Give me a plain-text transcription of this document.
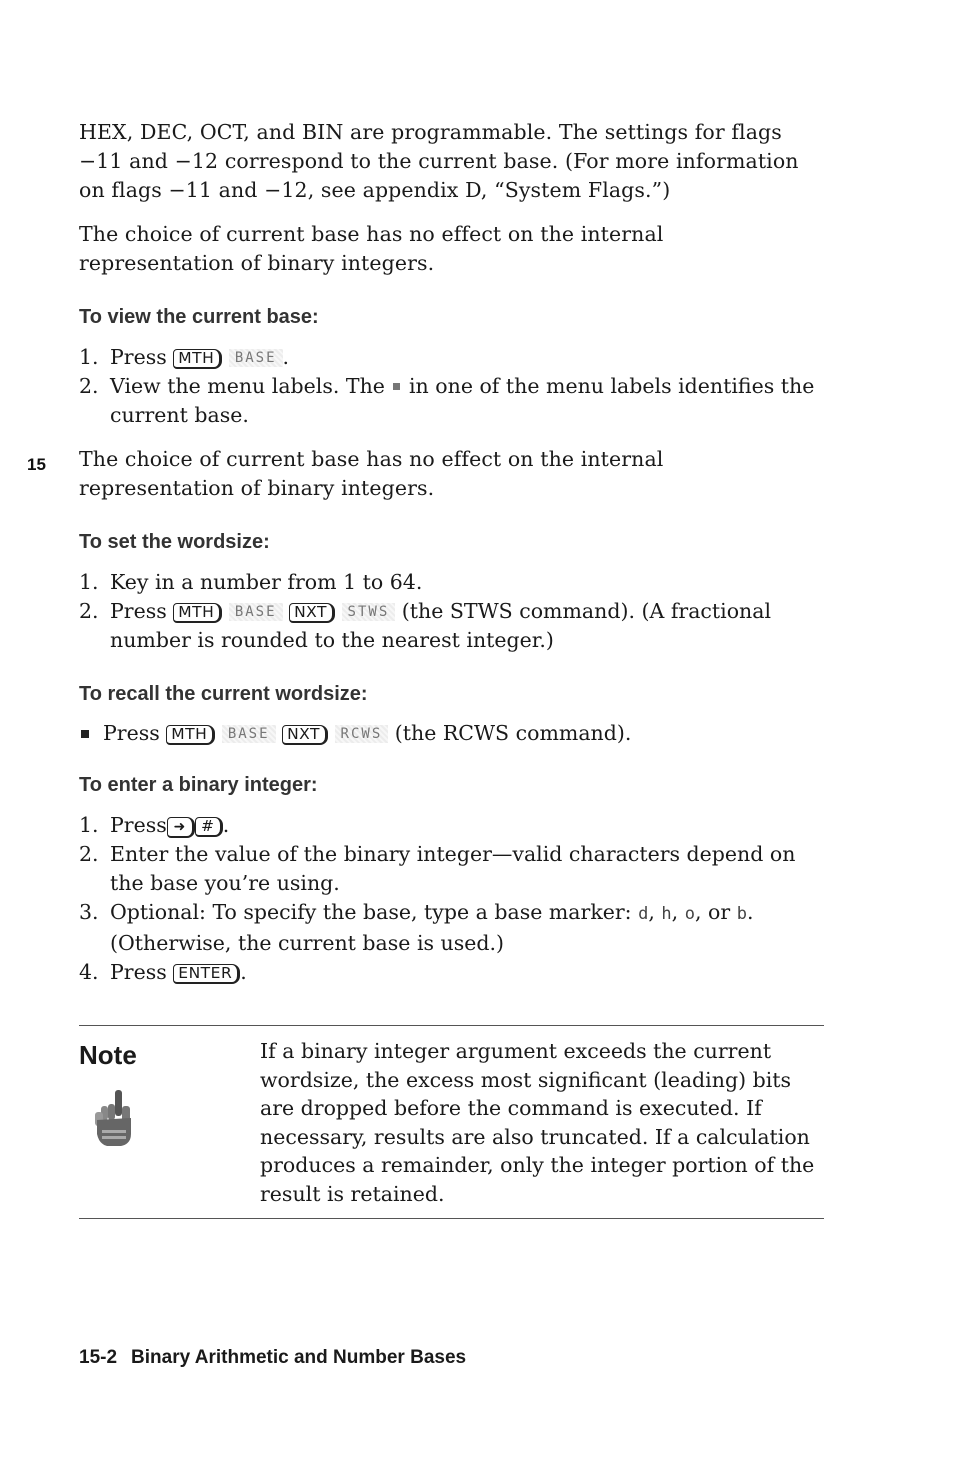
15

HEX, DEC, OCT, and BIN are programmable. The settings for flags −11 and −12 correspond to the current base. (For more information on flags −11 and −12, see appendix D, “System Flags.”)

The choice of current base has no effect on the internal representation of binary integers.

To view the current base:
1. Press MTH BASE .
2. View the menu labels. The in one of the menu labels identifies the current base.

The choice of current base has no effect on the internal representation of binary integers.

To set the wordsize:
1. Key in a number from 1 to 64.
2. Press MTH BASE NXT STWS (the STWS command). (A fractional number is rounded to the nearest integer.)
To recall the current wordsize:
Press MTH BASE NXT RCWS (the RCWS command).
To enter a binary integer:
1. Press ➜ # .
2. Enter the value of the binary integer—valid characters depend on the base you’re using.
3. Optional: To specify the base, type a base marker: d, h, o, or b. (Otherwise, the current base is used.)
4. Press ENTER .
Note	If a binary integer argument exceeds the current wordsize, the excess most significant (leading) bits are dropped before the command is executed. If necessary, results are also truncated. If a calculation produces a remainder, only the integer portion of the result is retained.

15-2 Binary Arithmetic and Number Bases
